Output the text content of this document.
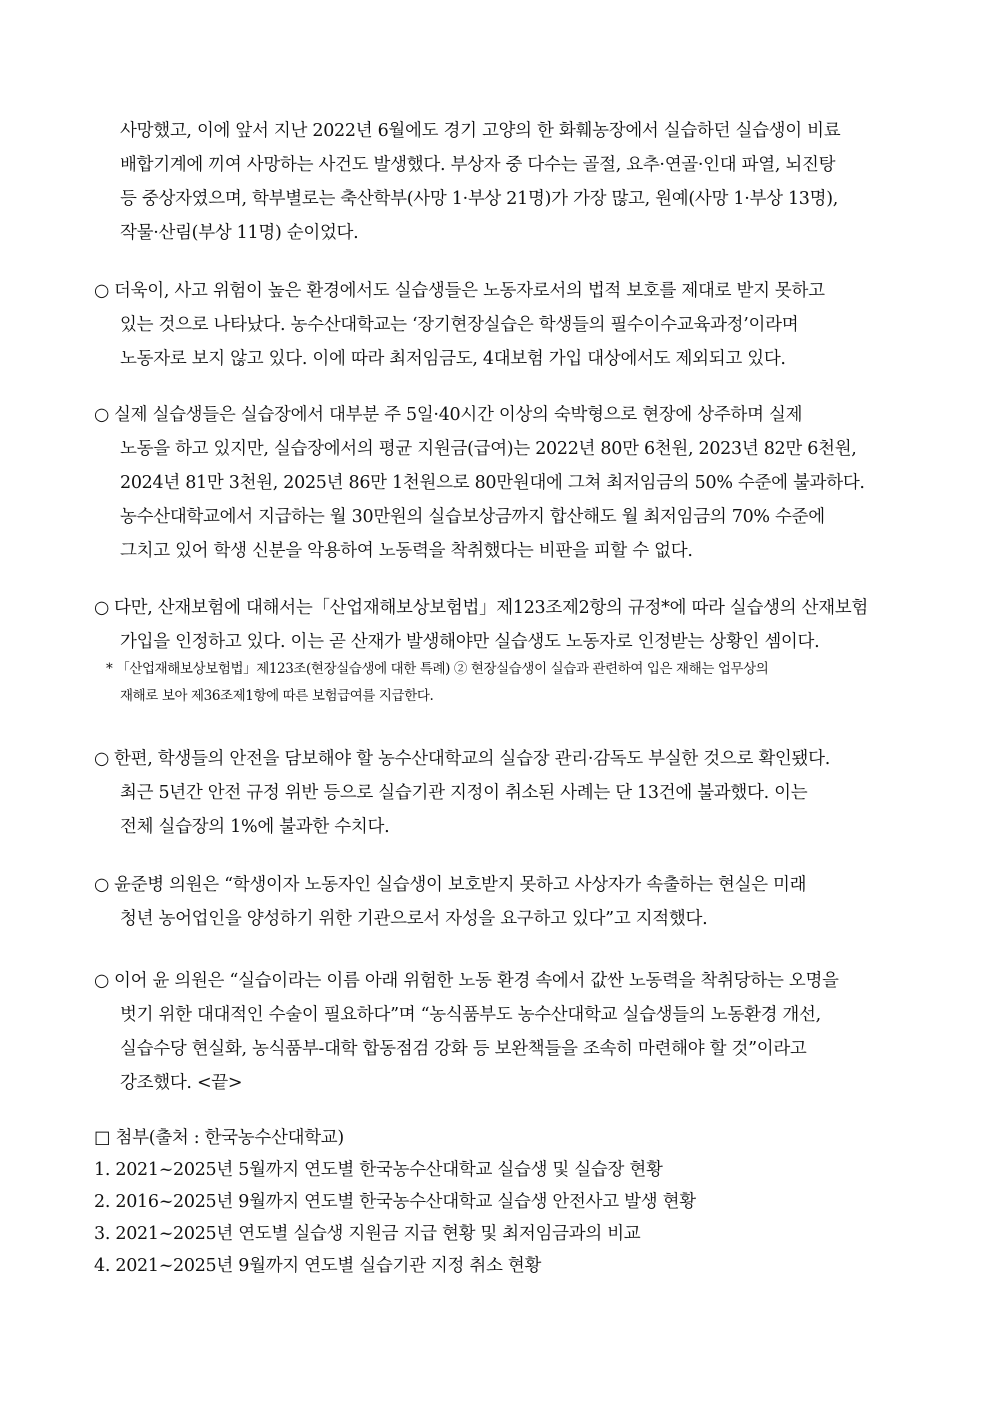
사망했고, 이에 앞서 지난 2022년 6월에도 경기 고양의 한 화훼농장에서 실습하던 실습생이 비료
배합기계에 끼여 사망하는 사건도 발생했다. 부상자 중 다수는 골절, 요추·연골·인대 파열, 뇌진탕
등 중상자였으며, 학부별로는 축산학부(사망 1·부상 21명)가 가장 많고, 원예(사망 1·부상 13명),
작물·산림(부상 11명) 순이었다.
○ 더욱이, 사고 위험이 높은 환경에서도 실습생들은 노동자로서의 법적 보호를 제대로 받지 못하고
있는 것으로 나타났다. 농수산대학교는 ‘장기현장실습은 학생들의 필수이수교육과정’이라며
노동자로 보지 않고 있다. 이에 따라 최저임금도, 4대보험 가입 대상에서도 제외되고 있다.
○ 실제 실습생들은 실습장에서 대부분 주 5일·40시간 이상의 숙박형으로 현장에 상주하며 실제
노동을 하고 있지만, 실습장에서의 평균 지원금(급여)는 2022년 80만 6천원, 2023년 82만 6천원,
2024년 81만 3천원, 2025년 86만 1천원으로 80만원대에 그쳐 최저임금의 50% 수준에 불과하다.
농수산대학교에서 지급하는 월 30만원의 실습보상금까지 합산해도 월 최저임금의 70% 수준에
그치고 있어 학생 신분을 악용하여 노동력을 착취했다는 비판을 피할 수 없다.
○ 다만, 산재보험에 대해서는「산업재해보상보험법」제123조제2항의 규정*에 따라 실습생의 산재보험
가입을 인정하고 있다. 이는 곧 산재가 발생해야만 실습생도 노동자로 인정받는 상황인 셈이다.
* 「산업재해보상보험법」제123조(현장실습생에 대한 특례) ② 현장실습생이 실습과 관련하여 입은 재해는 업무상의
재해로 보아 제36조제1항에 따른 보험급여를 지급한다.
○ 한편, 학생들의 안전을 담보해야 할 농수산대학교의 실습장 관리·감독도 부실한 것으로 확인됐다.
최근 5년간 안전 규정 위반 등으로 실습기관 지정이 취소된 사례는 단 13건에 불과했다. 이는
전체 실습장의 1%에 불과한 수치다.
○ 윤준병 의원은 “학생이자 노동자인 실습생이 보호받지 못하고 사상자가 속출하는 현실은 미래
청년 농어업인을 양성하기 위한 기관으로서 자성을 요구하고 있다”고 지적했다.
○ 이어 윤 의원은 “실습이라는 이름 아래 위험한 노동 환경 속에서 값싼 노동력을 착취당하는 오명을
벗기 위한 대대적인 수술이 필요하다”며 “농식품부도 농수산대학교 실습생들의 노동환경 개선,
실습수당 현실화, 농식품부-대학 합동점검 강화 등 보완책들을 조속히 마련해야 할 것”이라고
강조했다. <끝>
□ 첨부(출처 : 한국농수산대학교)
1. 2021~2025년 5월까지 연도별 한국농수산대학교 실습생 및 실습장 현황
2. 2016~2025년 9월까지 연도별 한국농수산대학교 실습생 안전사고 발생 현황
3. 2021~2025년 연도별 실습생 지원금 지급 현황 및 최저임금과의 비교
4. 2021~2025년 9월까지 연도별 실습기관 지정 취소 현황
